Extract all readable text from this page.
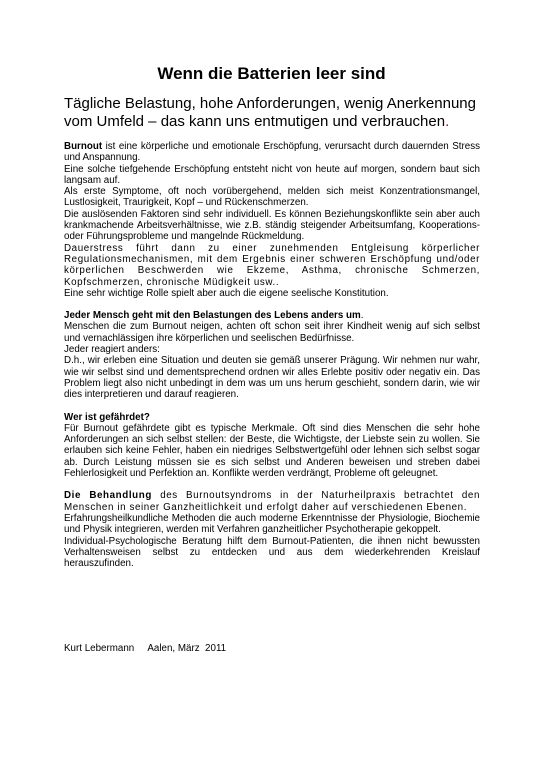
Wenn die Batterien leer sind
Tägliche Belastung, hohe Anforderungen, wenig Anerkennung vom Umfeld – das kann uns entmutigen und verbrauchen.

Burnout ist eine körperliche und emotionale Erschöpfung, verursacht durch dauernden Stress und Anspannung.

Eine solche tiefgehende Erschöpfung entsteht nicht von heute auf morgen, sondern baut sich langsam auf.

Als erste Symptome, oft noch vorübergehend, melden sich meist Konzentrationsmangel, Lustlosigkeit, Traurigkeit, Kopf – und Rückenschmerzen.

Die auslösenden Faktoren sind sehr individuell. Es können Beziehungskonflikte sein aber auch krankmachende Arbeitsverhältnisse, wie z.B. ständig steigender Arbeitsumfang, Kooperations- oder Führungsprobleme und mangelnde Rückmeldung.

Dauerstress führt dann zu einer zunehmenden Entgleisung körperlicher Regulationsmechanismen, mit dem Ergebnis einer schweren Erschöpfung und/oder körperlichen Beschwerden wie Ekzeme, Asthma, chronische Schmerzen, Kopfschmerzen, chronische Müdigkeit usw..

Eine sehr wichtige Rolle spielt aber auch die eigene seelische Konstitution.

Jeder Mensch geht mit den Belastungen des Lebens anders um.

Menschen die zum Burnout neigen, achten oft schon seit ihrer Kindheit wenig auf sich selbst und vernachlässigen ihre körperlichen und seelischen Bedürfnisse.

Jeder reagiert anders:

D.h., wir erleben eine Situation und deuten sie gemäß unserer Prägung. Wir nehmen nur wahr, wie wir selbst sind und dementsprechend ordnen wir alles Erlebte positiv oder negativ ein. Das Problem liegt also nicht unbedingt in dem was um uns herum geschieht, sondern darin, wie wir dies interpretieren und darauf reagieren.

Wer ist gefährdet?

Für Burnout gefährdete gibt es typische Merkmale. Oft sind dies Menschen die sehr hohe Anforderungen an sich selbst stellen: der Beste, die Wichtigste, der Liebste sein zu wollen. Sie erlauben sich keine Fehler, haben ein niedriges Selbstwertgefühl oder lehnen sich selbst sogar ab. Durch Leistung müssen sie es sich selbst und Anderen beweisen und streben dabei Fehlerlosigkeit und Perfektion an. Konflikte werden verdrängt, Probleme oft geleugnet.

Die Behandlung des Burnoutsyndroms in der Naturheilpraxis betrachtet den Menschen in seiner Ganzheitlichkeit und erfolgt daher auf verschiedenen Ebenen.

Erfahrungsheilkundliche Methoden die auch moderne Erkenntnisse der Physiologie, Biochemie und Physik integrieren, werden mit Verfahren ganzheitlicher Psychotherapie gekoppelt.

Individual-Psychologische Beratung hilft dem Burnout-Patienten, die ihnen nicht bewussten Verhaltensweisen selbst zu entdecken und aus dem wiederkehrenden Kreislauf herauszufinden.

Kurt Lebermann Aalen, März  2011
